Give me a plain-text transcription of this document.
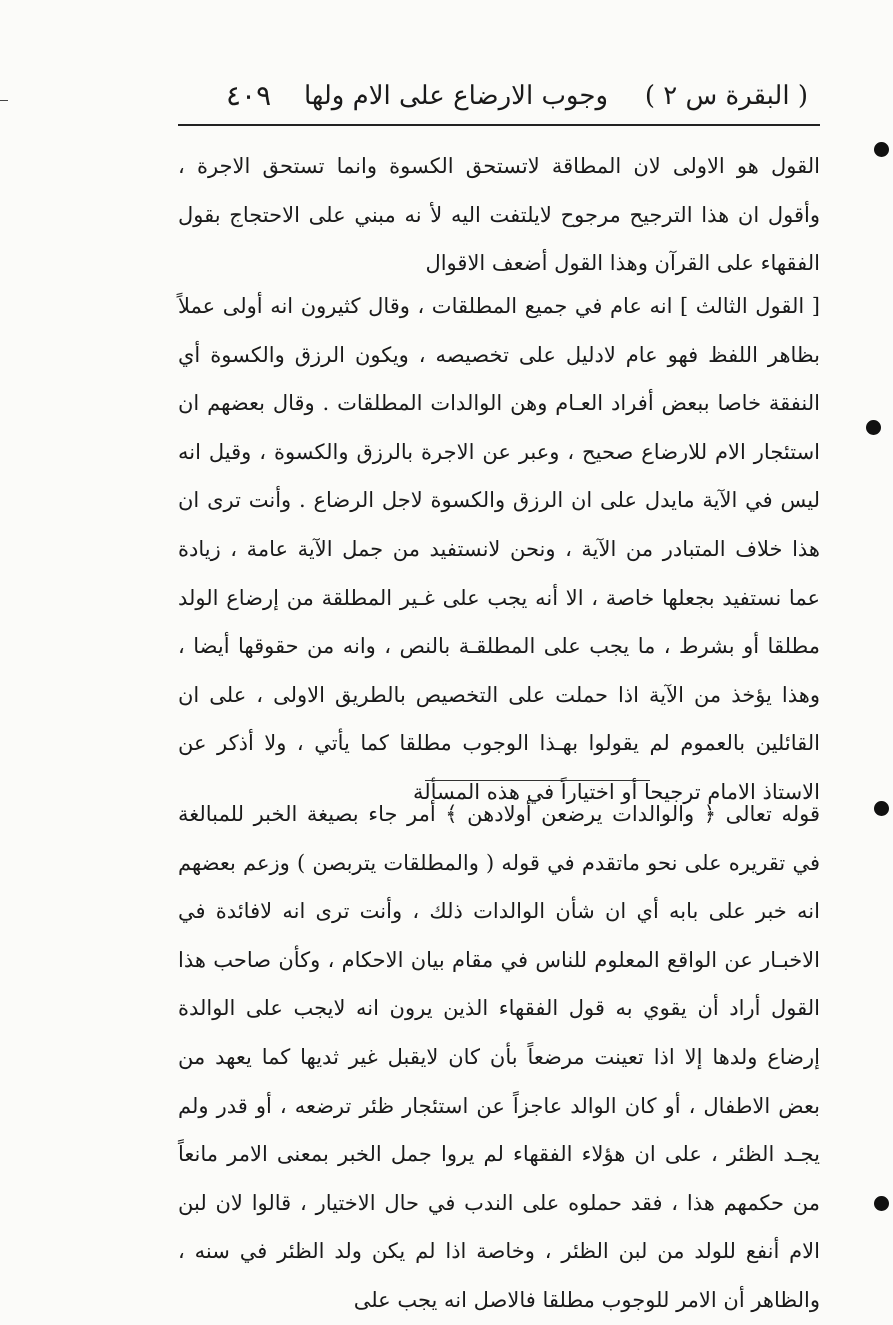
( البقرة س ٢ )
وجوب الارضاع على الام ولها
٤٠٩
القول هو الاولى لان المطاقة لاتستحق الكسوة وانما تستحق الاجرة ، وأقول ان هذا الترجيح مرجوح لايلتفت اليه لأ نه مبني على الاحتجاج بقول الفقهاء على القرآن وهذا القول أضعف الاقوال
[ القول الثالث ] انه عام في جميع المطلقات ، وقال كثيرون انه أولى عملاً بظاهر اللفظ فهو عام لادليل على تخصيصه ، ويكون الرزق والكسوة أي النفقة خاصا ببعض أفراد العـام وهن الوالدات المطلقات . وقال بعضهم ان استئجار الام للارضاع صحيح ، وعبر عن الاجرة بالرزق والكسوة ، وقيل انه ليس في الآية مايدل على ان الرزق والكسوة لاجل الرضاع . وأنت ترى ان هذا خلاف المتبادر من الآية ، ونحن لانستفيد من جمل الآية عامة ، زيادة عما نستفيد بجعلها خاصة ، الا أنه يجب على غـير المطلقة من إرضاع الولد مطلقا أو بشرط ، ما يجب على المطلقـة بالنص ، وانه من حقوقها أيضا ، وهذا يؤخذ من الآية اذا حملت على التخصيص بالطريق الاولى ، على ان القائلين بالعموم لم يقولوا بهـذا الوجوب مطلقا كما يأتي ، ولا أذكر عن الاستاذ الامام ترجيحا أو اختياراً في هذه المسألة
قوله تعالى ﴿ والوالدات يرضعن أولادهن ﴾ أمر جاء بصيغة الخبر للمبالغة في تقريره على نحو ماتقدم في قوله ( والمطلقات يتربصن ) وزعم بعضهم انه خبر على بابه أي ان شأن الوالدات ذلك ، وأنت ترى انه لافائدة في الاخبـار عن الواقع المعلوم للناس في مقام بيان الاحكام ، وكأن صاحب هذا القول أراد أن يقوي به قول الفقهاء الذين يرون انه لايجب على الوالدة إرضاع ولدها إلا اذا تعينت مرضعاً بأن كان لايقبل غير ثديها كما يعهد من بعض الاطفال ، أو كان الوالد عاجزاً عن استئجار ظئر ترضعه ، أو قدر ولم يجـد الظئر ، على ان هؤلاء الفقهاء لم يروا جمل الخبر بمعنى الامر مانعاً من حكمهم هذا ، فقد حملوه على الندب في حال الاختيار ، قالوا لان لبن الام أنفع للولد من لبن الظئر ، وخاصة اذا لم يكن ولد الظئر في سنه ، والظاهر أن الامر للوجوب مطلقا فالاصل انه يجب على
